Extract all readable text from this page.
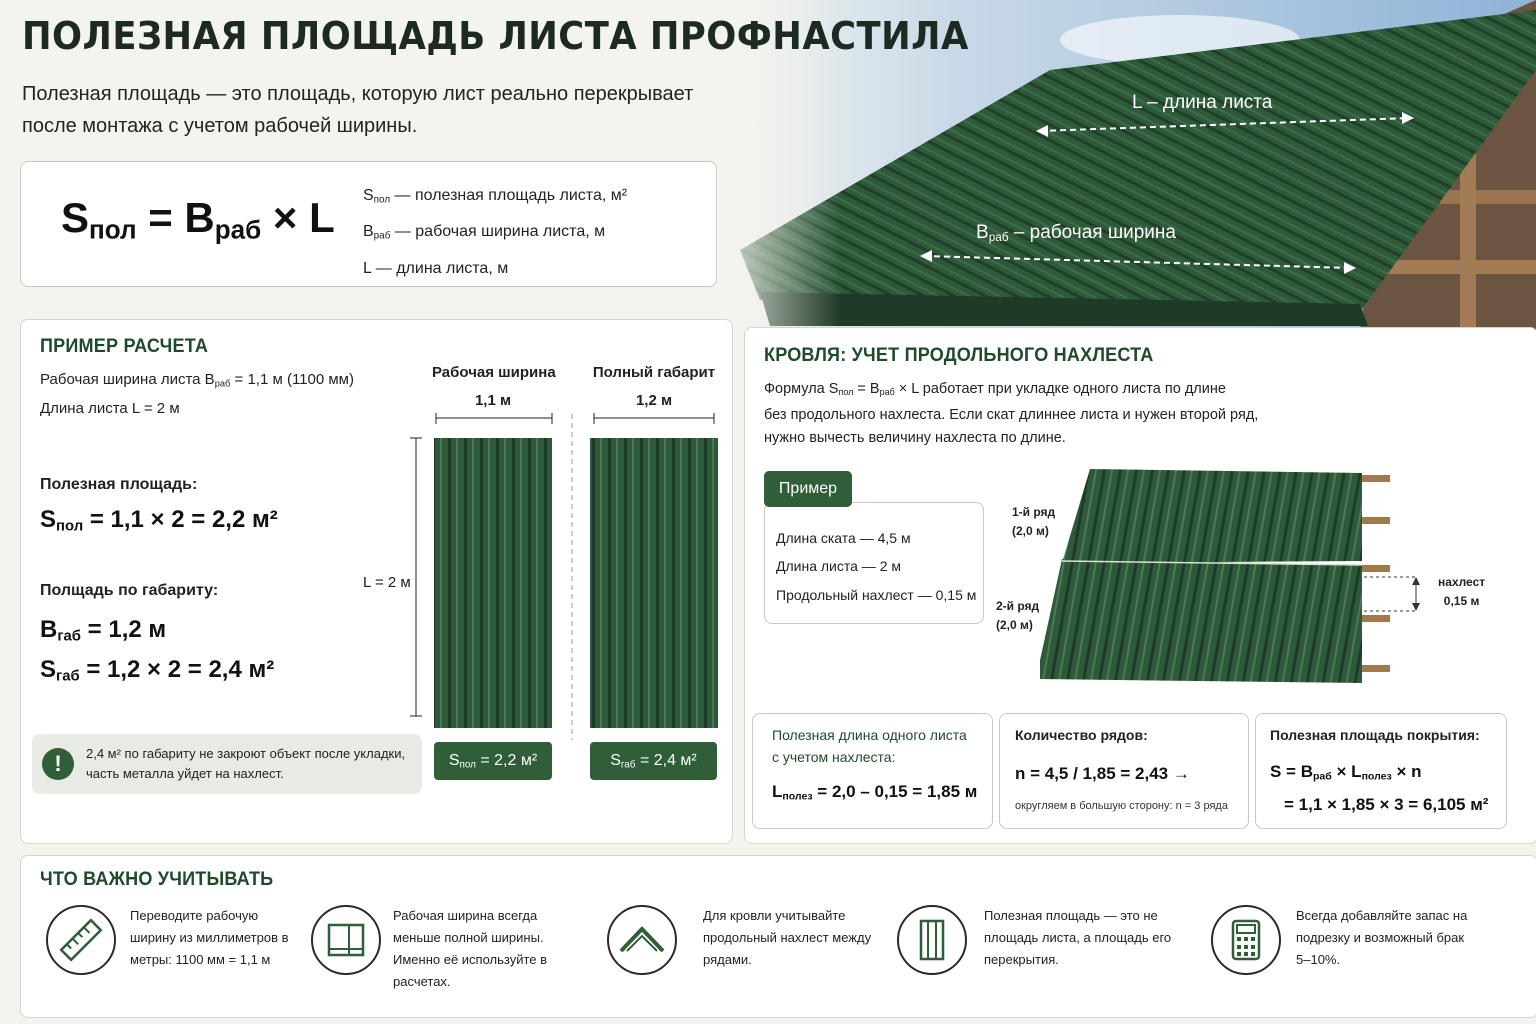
L – длина листа
$B_{раб}$ – рабочая ширина
ПОЛЕЗНАЯ ПЛОЩАДЬ ЛИСТА ПРОФНАСТИЛА
Полезная площадь — это площадь, которую лист реально перекрывает после монтажа с учетом рабочей ширины.
$S_{пол} = B_{раб} \times L$ $S_{пол}$ — полезная площадь листа, м²
$B_{раб}$ — рабочая ширина листа, м
L — длина листа, м
ПРИМЕР РАСЧЕТА
Рабочая ширина листа $B_{раб} = 1,1$ м (1100 мм)
Длина листа L = 2 м
Полезная площадь:
$S_{пол} = 1,1 \times 2 = 2,2$ м²
Полщадь по габариту:
$B_{габ} = 1,2$ м
$S_{габ} = 1,2 \times 2 = 2,4$ м²
!	2,4 м² по габариту не закроют объект после укладки, часть металла уйдет на нахлест.
Рабочая ширина
1,1 м
Полный габарит
1,2 м
L = 2 м
$S_{пол} = 2,2$ м²	$S_{габ} = 2,4$ м²
КРОВЛЯ: УЧЕТ ПРОДОЛЬНОГО НАХЛЕСТА
Формула $S_{пол} = B_{раб} \times L$ работает при укладке одного листа по длине
без продольного нахлеста. Если скат длиннее листа и нужен второй ряд,
нужно вычесть величину нахлеста по длине.
Пример
Длина ската — 4,5 м
Длина листа — 2 м
Продольный нахлест — 0,15 м
1-й ряд
(2,0 м)
2-й ряд
(2,0 м)
нахлест
0,15 м
Полезная длина одного листа
с учетом нахлеста:
$L_{полез} = 2,0 - 0,15 = 1,85$ м
Количество рядов:
n = 4,5 / 1,85 = 2,43 →
округляем в большую сторону: n = 3 ряда
Полезная площадь покрытия:
$S = B_{раб} \times L_{полез} \times n$
= 1,1 × 1,85 × 3 = 6,105 м²
ЧТО ВАЖНО УЧИТЫВАТЬ
Переводите рабочую ширину из миллиметров в метры: 1100 мм = 1,1 м
Рабочая ширина всегда меньше полной ширины. Именно её используйте в расчетах.
Для кровли учитывайте продольный нахлест между рядами.
Полезная площадь — это не площадь листа, а площадь его перекрытия.
Всегда добавляйте запас на подрезку и возможный брак 5–10%.
